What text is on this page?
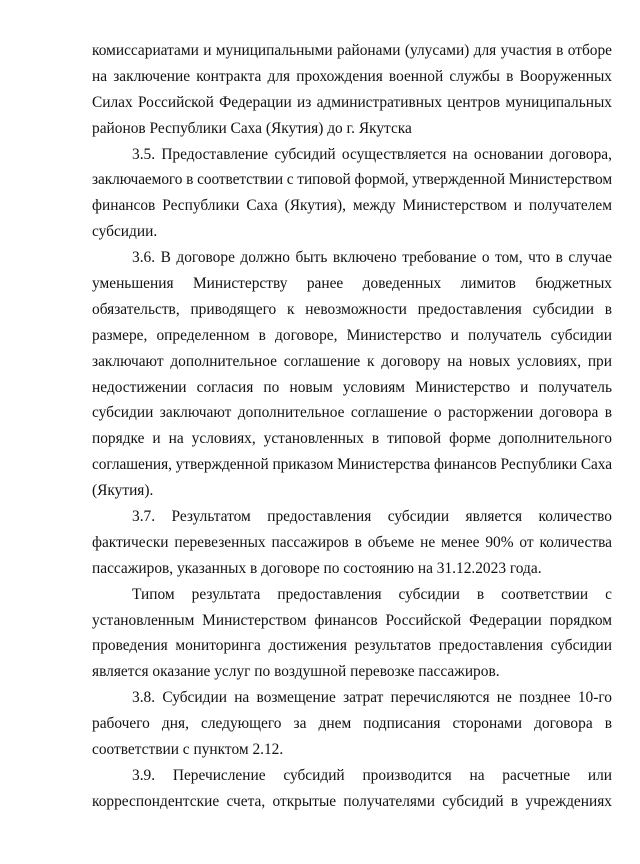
комиссариатами и муниципальными районами (улусами) для участия в отборе
на заключение контракта для прохождения военной службы в Вооруженных
Силах Российской Федерации из административных центров муниципальных
районов Республики Саха (Якутия) до г. Якутска
3.5. Предоставление субсидий осуществляется на основании договора,
заключаемого в соответствии с типовой формой, утвержденной Министерством
финансов Республики Саха (Якутия), между Министерством и получателем
субсидии.
3.6. В договоре должно быть включено требование о том, что в случае
уменьшения Министерству ранее доведенных лимитов бюджетных
обязательств, приводящего к невозможности предоставления субсидии в
размере, определенном в договоре, Министерство и получатель субсидии
заключают дополнительное соглашение к договору на новых условиях, при
недостижении согласия по новым условиям Министерство и получатель
субсидии заключают дополнительное соглашение о расторжении договора в
порядке и на условиях, установленных в типовой форме дополнительного
соглашения, утвержденной приказом Министерства финансов Республики Саха
(Якутия).
3.7. Результатом предоставления субсидии является количество
фактически перевезенных пассажиров в объеме не менее 90% от количества
пассажиров, указанных в договоре по состоянию на 31.12.2023 года.
Типом результата предоставления субсидии в соответствии с
установленным Министерством финансов Российской Федерации порядком
проведения мониторинга достижения результатов предоставления субсидии
является оказание услуг по воздушной перевозке пассажиров.
3.8. Субсидии на возмещение затрат перечисляются не позднее 10-го
рабочего дня, следующего за днем подписания сторонами договора в
соответствии с пунктом 2.12.
3.9. Перечисление субсидий производится на расчетные или
корреспондентские счета, открытые получателями субсидий в учреждениях
